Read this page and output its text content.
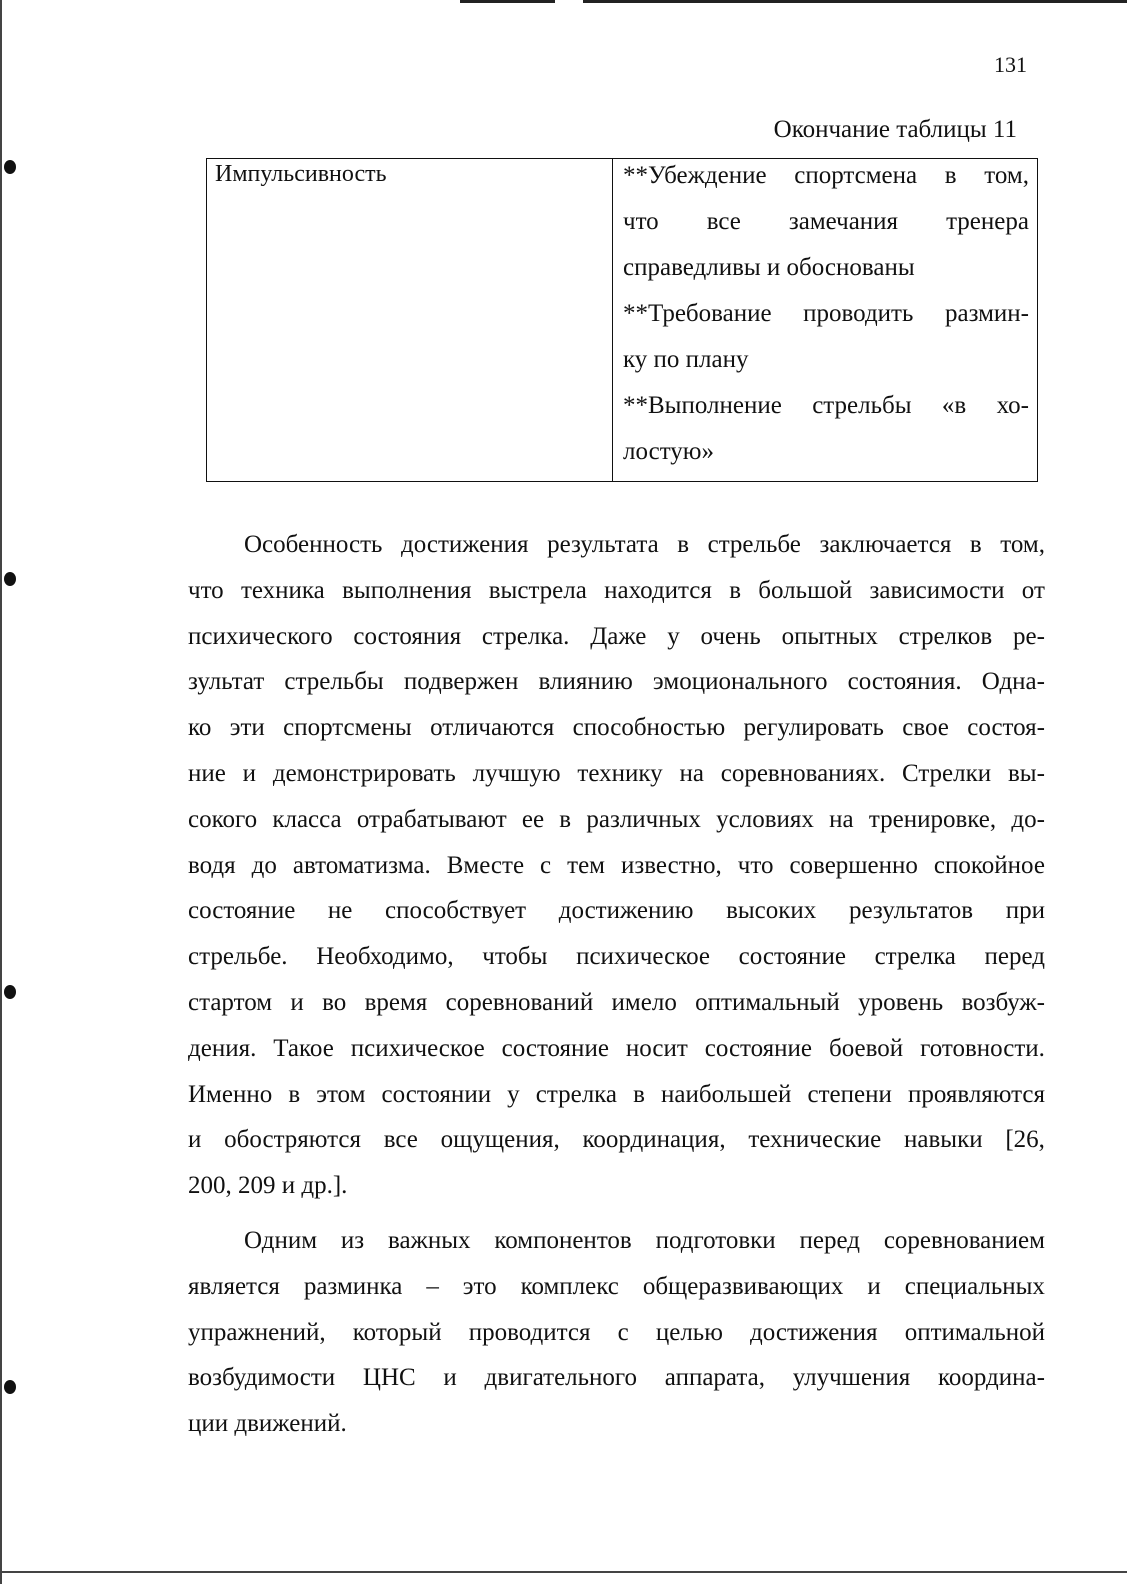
131
Окончание таблицы 11
Импульсивность	**Убеждение спортсмена в том,
что все замечания тренера
справедливы и обоснованы
**Требование проводить размин-
ку по плану
**Выполнение стрельбы «в хо-
лостую»
Особенность достижения результата в стрельбе заключается в том,
что техника выполнения выстрела находится в большой зависимости от
психического состояния стрелка. Даже у очень опытных стрелков ре-
зультат стрельбы подвержен влиянию эмоционального состояния. Одна-
ко эти спортсмены отличаются способностью регулировать свое состоя-
ние и демонстрировать лучшую технику на соревнованиях. Стрелки вы-
сокого класса отрабатывают ее в различных условиях на тренировке, до-
водя до автоматизма. Вместе с тем известно, что совершенно спокойное
состояние не способствует достижению высоких результатов при
стрельбе. Необходимо, чтобы психическое состояние стрелка перед
стартом и во время соревнований имело оптимальный уровень возбуж-
дения. Такое психическое состояние носит состояние боевой готовности.
Именно в этом состоянии у стрелка в наибольшей степени проявляются
и обостряются все ощущения, координация, технические навыки [26,
200, 209 и др.].
Одним из важных компонентов подготовки перед соревнованием
является разминка – это комплекс общеразвивающих и специальных
упражнений, который проводится с целью достижения оптимальной
возбудимости ЦНС и двигательного аппарата, улучшения координа-
ции движений.
